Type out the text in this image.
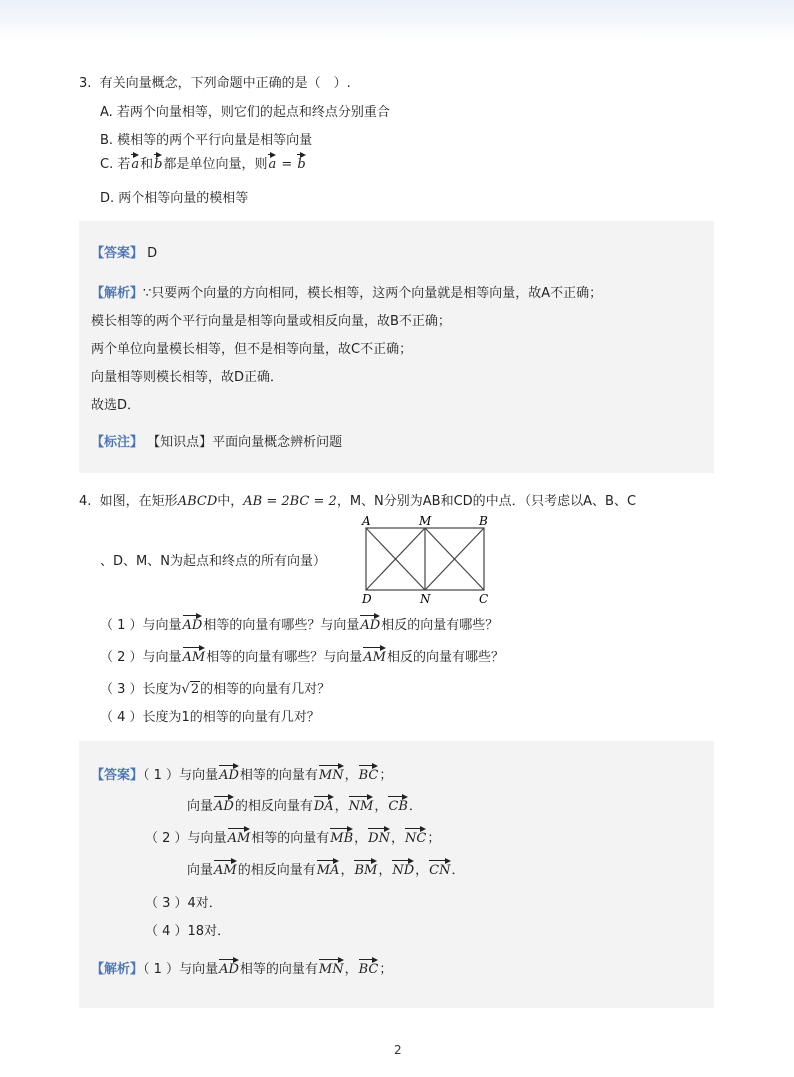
3. 有关向量概念，下列命题中正确的是（　）.
A. 若两个向量相等，则它们的起点和终点分别重合
B. 模相等的两个平行向量是相等向量
C. 若
a和
b都是单位向量，则
a = b
D. 两个相等向量的模相等
【答案】 D
【解析】∵只要两个向量的方向相同，模长相等，这两个向量就是相等向量，故A不正确；
模长相等的两个平行向量是相等向量或相反向量，故B不正确；
两个单位向量模长相等，但不是相等向量，故C不正确；
向量相等则模长相等，故D正确．
故选D．
【标注】 【知识点】平面向量概念辨析问题
4. 如图，在矩形ABCD中，AB = 2BC = 2，M、N分别为AB和CD的中点．（只考虑以A、B、C
、D、M、N为起点和终点的所有向量）
A	M	B
D	N	C
（ 1 ）与向量
AD相等的向量有哪些？与向量
AD相反的向量有哪些？
（ 2 ）与向量
AM相等的向量有哪些？与向量
AM相反的向量有哪些？
（ 3 ）长度为√2的相等的向量有几对？
（ 4 ）长度为1的相等的向量有几对？
【答案】（ 1 ）与向量
AD相等的向量有
MN，
BC；
向量
AD的相反向量有
DA，
NM，
CB．
（ 2 ）与向量
AM相等的向量有
MB，
DN，
NC；
向量
AM的相反向量有
MA，
BM，
ND，
CN．
（ 3 ）4对．
（ 4 ）18对．
【解析】（ 1 ）与向量
AD相等的向量有
MN，
BC；
2
